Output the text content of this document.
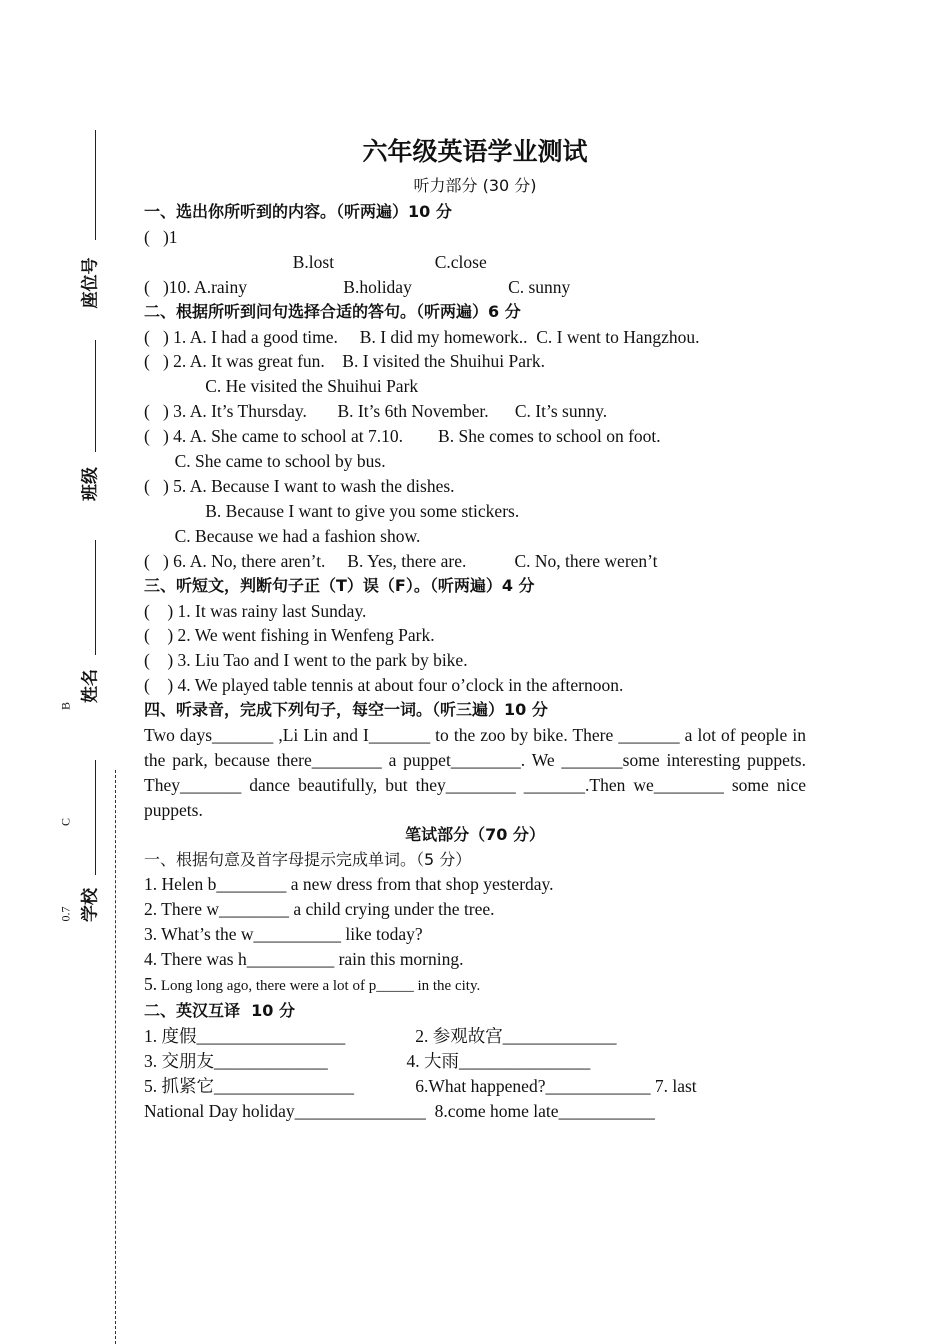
座位号
班级
姓名
B
C
学校
0.7
六年级英语学业测试
听力部分 (30 分)
一、选出你所听到的内容。（听两遍）10 分
(   )1
B.lost                       C.close
(   )10. A.rainy                      B.holiday                      C. sunny
二、根据所听到问句选择合适的答句。（听两遍）6 分
(   ) 1. A. I had a good time.     B. I did my homework..  C. I went to Hangzhou.
(   ) 2. A. It was great fun.    B. I visited the Shuihui Park.
C. He visited the Shuihui Park
(   ) 3. A. It’s Thursday.       B. It’s 6th November.      C. It’s sunny.
(   ) 4. A. She came to school at 7.10.        B. She comes to school on foot.
C. She came to school by bus.
(   ) 5. A. Because I want to wash the dishes.
B. Because I want to give you some stickers.
C. Because we had a fashion show.
(   ) 6. A. No, there aren’t.     B. Yes, there are.           C. No, there weren’t
三、听短文，判断句子正（T）误（F）。（听两遍）4 分
(    ) 1. It was rainy last Sunday.
(    ) 2. We went fishing in Wenfeng Park.
(    ) 3. Liu Tao and I went to the park by bike.
(    ) 4. We played table tennis at about four o’clock in the afternoon.
四、听录音，完成下列句子，每空一词。（听三遍）10 分
Two days_______ ,Li Lin and I_______ to the zoo by bike. There _______ a lot of people in the park, because there________ a puppet________. We _______some interesting puppets. They_______ dance beautifully, but they________ _______.Then we________ some nice puppets.
笔试部分（70 分）
一、根据句意及首字母提示完成单词。（5 分）
1. Helen b________ a new dress from that shop yesterday.
2. There w________ a child crying under the tree.
3. What’s the w__________ like today?
4. There was h__________ rain this morning.
5. Long long ago, there were a lot of p_____ in the city.
二、英汉互译  10 分
1. 度假_________________                2. 参观故宫_____________
3. 交朋友_____________                  4. 大雨_______________
5. 抓紧它________________              6.What happened?____________ 7. last
National Day holiday_______________  8.come home late___________
